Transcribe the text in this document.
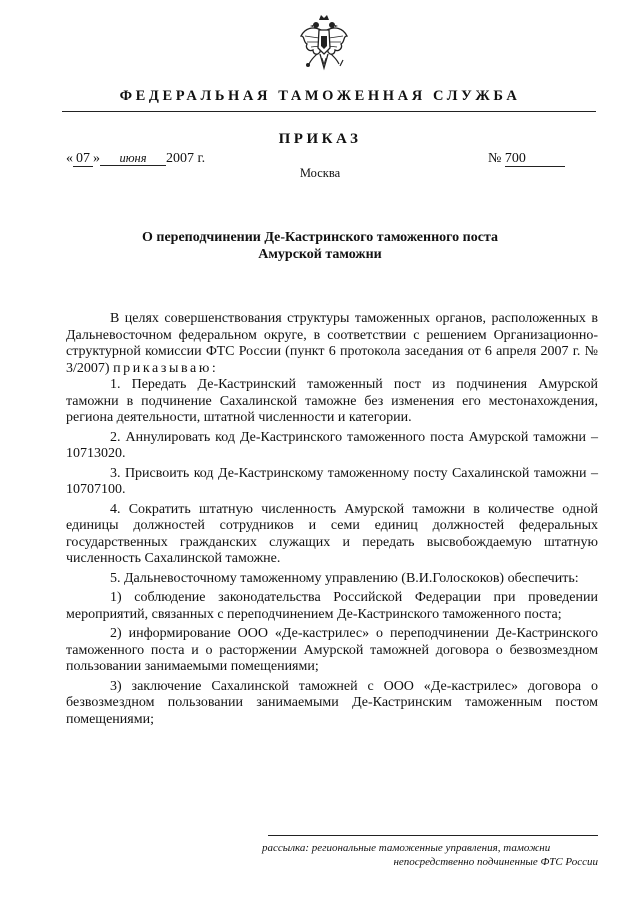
ФЕДЕРАЛЬНАЯ ТАМОЖЕННАЯ СЛУЖБА
ПРИКАЗ
« 07 » июня 2007 г.	№ 700
Москва
О переподчинении Де-Кастринского таможенного поста
Амурской таможни

В целях совершенствования структуры таможенных органов, расположенных в Дальневосточном федеральном округе, в соответствии с решением Организационно-структурной комиссии ФТС России (пункт 6 протокола заседания от 6 апреля 2007 г. № 3/2007) приказываю:

1. Передать Де-Кастринский таможенный пост из подчинения Амурской таможни в подчинение Сахалинской таможне без изменения его местонахождения, региона деятельности, штатной численности и категории.

2. Аннулировать код Де-Кастринского таможенного поста Амурской таможни – 10713020.

3. Присвоить код Де-Кастринскому таможенному посту Сахалинской таможни – 10707100.

4. Сократить штатную численность Амурской таможни в количестве одной единицы должностей сотрудников и семи единиц должностей федеральных государственных гражданских служащих и передать высвобождаемую штатную численность Сахалинской таможне.

5. Дальневосточному таможенному управлению (В.И.Голоскоков) обеспечить:

1) соблюдение законодательства Российской Федерации при проведении мероприятий, связанных с переподчинением Де-Кастринского таможенного поста;

2) информирование ООО «Де-кастрилес» о переподчинении Де-Кастринского таможенного поста и о расторжении Амурской таможней договора о безвозмездном пользовании занимаемыми помещениями;

3) заключение Сахалинской таможней с ООО «Де-кастрилес» договора о безвозмездном пользовании занимаемыми Де-Кастринским таможенным постом помещениями;

рассылка: региональные таможенные управления, таможни
непосредственно подчиненные ФТС России
